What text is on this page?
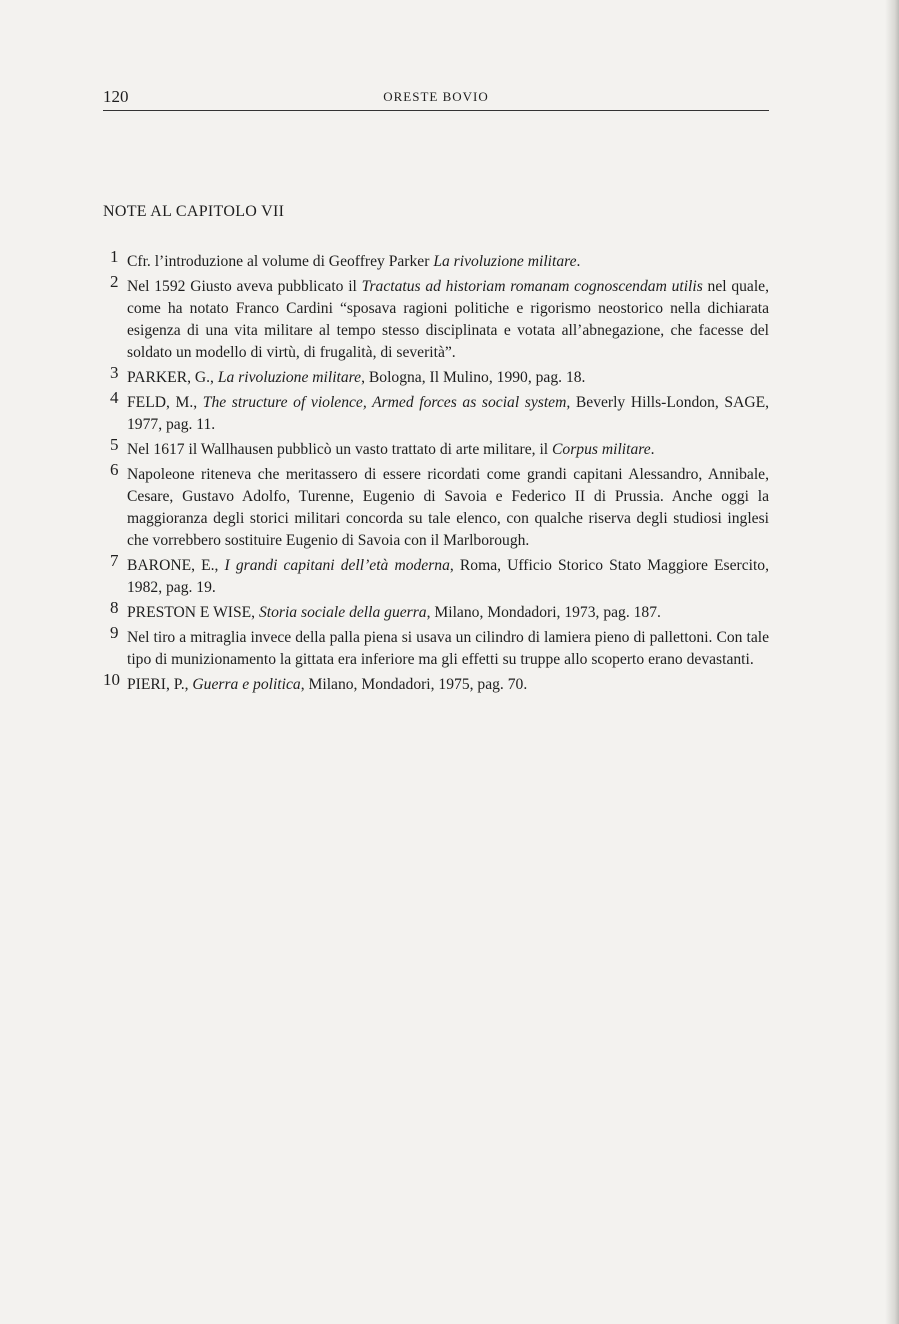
120	ORESTE BOVIO
NOTE AL CAPITOLO VII
1 Cfr. l’introduzione al volume di Geoffrey Parker La rivoluzione militare.
2 Nel 1592 Giusto aveva pubblicato il Tractatus ad historiam romanam cognoscendam utilis nel quale, come ha notato Franco Cardini “sposava ragioni politiche e rigorismo neostorico nella dichiarata esigenza di una vita militare al tempo stesso disciplinata e votata all’abnegazione, che facesse del soldato un modello di virtù, di frugalità, di severità”.
3 PARKER, G., La rivoluzione militare, Bologna, Il Mulino, 1990, pag. 18.
4 FELD, M., The structure of violence, Armed forces as social system, Beverly Hills-London, SAGE, 1977, pag. 11.
5 Nel 1617 il Wallhausen pubblicò un vasto trattato di arte militare, il Corpus militare.
6 Napoleone riteneva che meritassero di essere ricordati come grandi capitani Alessandro, Annibale, Cesare, Gustavo Adolfo, Turenne, Eugenio di Savoia e Federico II di Prussia. Anche oggi la maggioranza degli storici militari concorda su tale elenco, con qualche riserva degli studiosi inglesi che vorrebbero sostituire Eugenio di Savoia con il Marlborough.
7 BARONE, E., I grandi capitani dell’età moderna, Roma, Ufficio Storico Stato Maggiore Esercito, 1982, pag. 19.
8 PRESTON E WISE, Storia sociale della guerra, Milano, Mondadori, 1973, pag. 187.
9 Nel tiro a mitraglia invece della palla piena si usava un cilindro di lamiera pieno di pallettoni. Con tale tipo di munizionamento la gittata era inferiore ma gli effetti su truppe allo scoperto erano devastanti.
10 PIERI, P., Guerra e politica, Milano, Mondadori, 1975, pag. 70.
